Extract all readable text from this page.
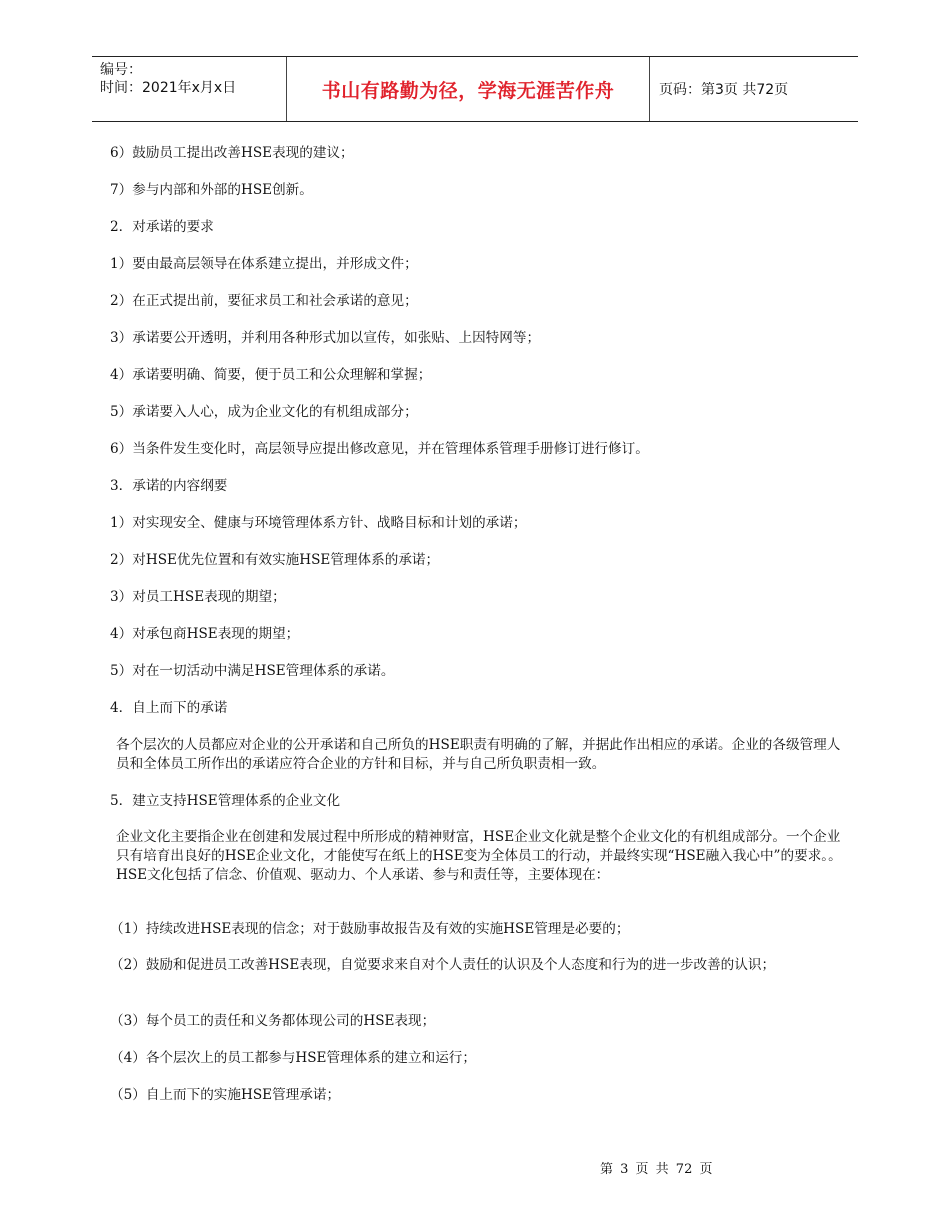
编号：
时间：2021年x月x日	书山有路勤为径，学海无涯苦作舟	页码：第3页 共72页

6）鼓励员工提出改善HSE表现的建议；

7）参与内部和外部的HSE创新。

2．对承诺的要求

1）要由最高层领导在体系建立提出，并形成文件；

2）在正式提出前，要征求员工和社会承诺的意见；

3）承诺要公开透明，并利用各种形式加以宣传，如张贴、上因特网等；

4）承诺要明确、简要，便于员工和公众理解和掌握；

5）承诺要入人心，成为企业文化的有机组成部分；

6）当条件发生变化时，高层领导应提出修改意见，并在管理体系管理手册修订进行修订。

3．承诺的内容纲要

1）对实现安全、健康与环境管理体系方针、战略目标和计划的承诺；

2）对HSE优先位置和有效实施HSE管理体系的承诺；

3）对员工HSE表现的期望；

4）对承包商HSE表现的期望；

5）对在一切活动中满足HSE管理体系的承诺。

4．自上而下的承诺

各个层次的人员都应对企业的公开承诺和自己所负的HSE职责有明确的了解，并据此作出相应的承诺。企业的各级管理人员和全体员工所作出的承诺应符合企业的方针和目标，并与自己所负职责相一致。

5．建立支持HSE管理体系的企业文化

企业文化主要指企业在创建和发展过程中所形成的精神财富，HSE企业文化就是整个企业文化的有机组成部分。一个企业只有培育出良好的HSE企业文化，才能使写在纸上的HSE变为全体员工的行动，并最终实现“HSE融入我心中”的要求。。HSE文化包括了信念、价值观、驱动力、个人承诺、参与和责任等，主要体现在：

（1）持续改进HSE表现的信念；对于鼓励事故报告及有效的实施HSE管理是必要的；

（2）鼓励和促进员工改善HSE表现，自觉要求来自对个人责任的认识及个人态度和行为的进一步改善的认识；

（3）每个员工的责任和义务都体现公司的HSE表现；

（4）各个层次上的员工都参与HSE管理体系的建立和运行；

（5）自上而下的实施HSE管理承诺；

第 3 页 共 72 页
